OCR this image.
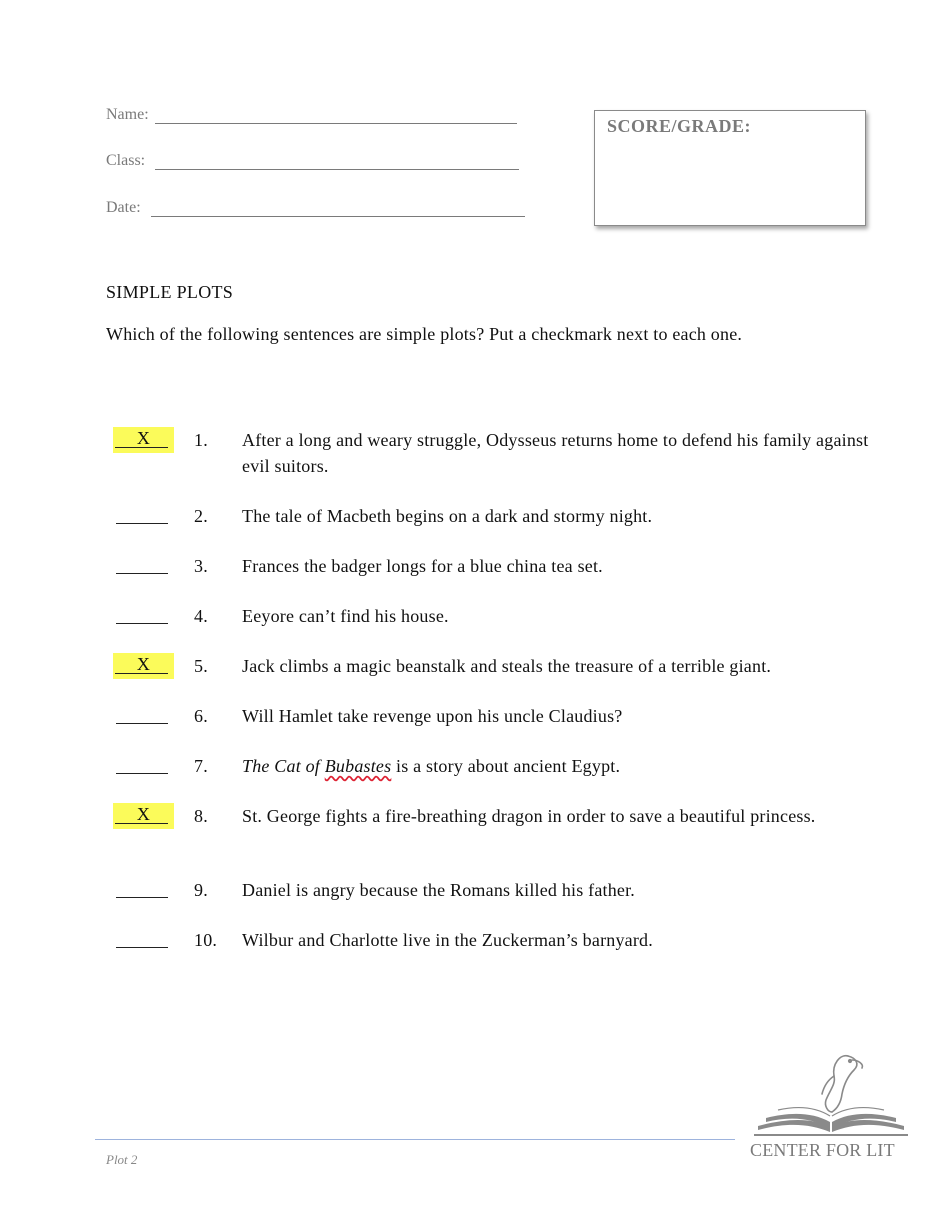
Name:
Class:
Date:
SCORE/GRADE:
SIMPLE PLOTS
Which of the following sentences are simple plots? Put a checkmark next to each one.
X	1. After a long and weary struggle, Odysseus returns home to defend his family against evil suitors.
2. The tale of Macbeth begins on a dark and stormy night.
3. Frances the badger longs for a blue china tea set.
4. Eeyore can’t find his house.
X	5. Jack climbs a magic beanstalk and steals the treasure of a terrible giant.
6. Will Hamlet take revenge upon his uncle Claudius?
7. The Cat of Bubastes is a story about ancient Egypt.
X	8. St. George fights a fire-breathing dragon in order to save a beautiful princess.
9. Daniel is angry because the Romans killed his father.
10. Wilbur and Charlotte live in the Zuckerman’s barnyard.
Plot 2	CENTER FOR LIT
